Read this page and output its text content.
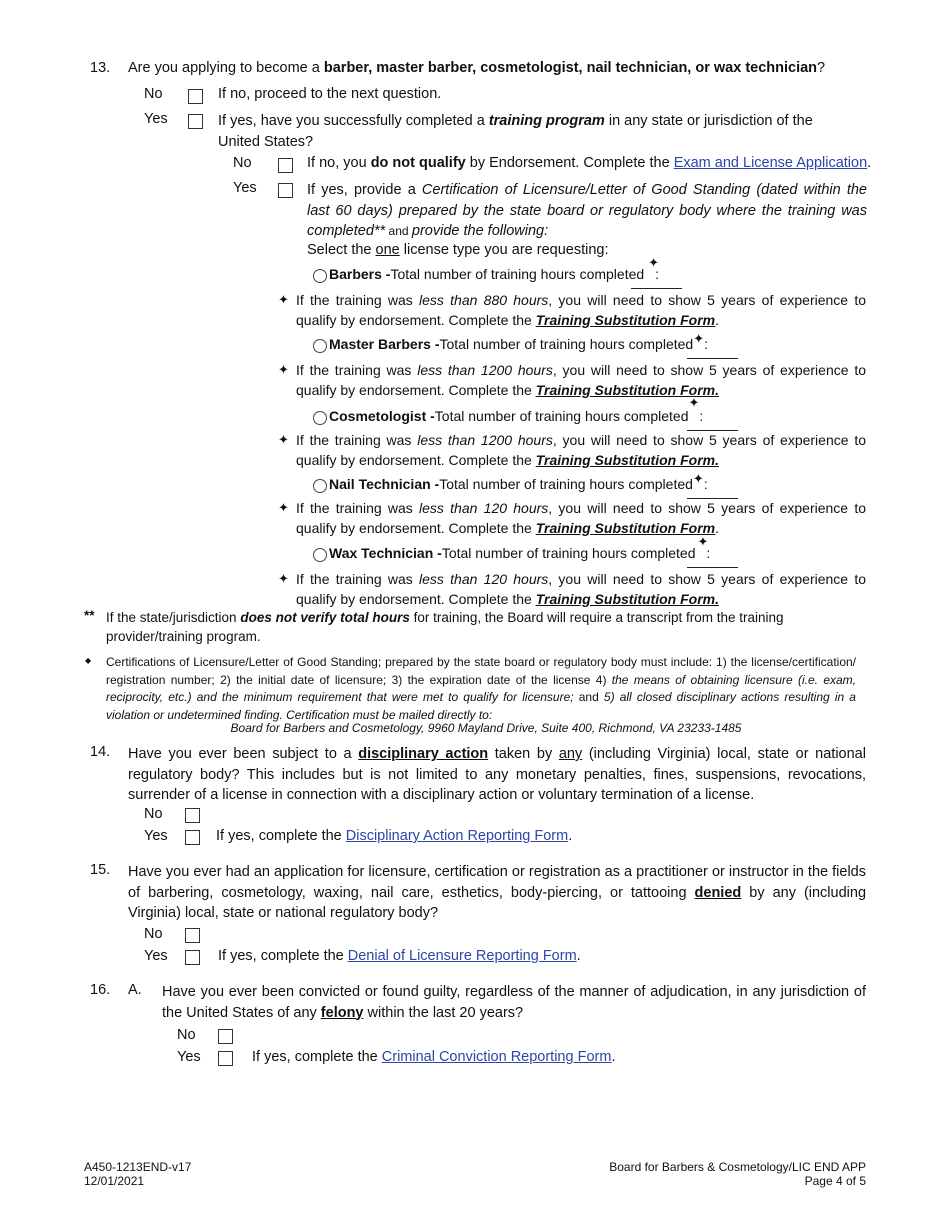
13. Are you applying to become a barber, master barber, cosmetologist, nail technician, or wax technician?
No	If no, proceed to the next question.
Yes	If yes, have you successfully completed a training program in any state or jurisdiction of the United States?
No	If no, you do not qualify by Endorsement. Complete the Exam and License Application.
Yes	If yes, provide a Certification of Licensure/Letter of Good Standing (dated within the last 60 days) prepared by the state board or regulatory body where the training was completed** and provide the following:
Select the one license type you are requesting:
Barbers -Total number of training hours completed✦:
✦ If the training was less than 880 hours, you will need to show 5 years of experience to qualify by endorsement. Complete the Training Substitution Form.
Master Barbers -Total number of training hours completed✦:
✦ If the training was less than 1200 hours, you will need to show 5 years of experience to qualify by endorsement. Complete the Training Substitution Form.
Cosmetologist -Total number of training hours completed✦:
✦ If the training was less than 1200 hours, you will need to show 5 years of experience to qualify by endorsement. Complete the Training Substitution Form.
Nail Technician -Total number of training hours completed✦:
✦ If the training was less than 120 hours, you will need to show 5 years of experience to qualify by endorsement. Complete the Training Substitution Form.
Wax Technician -Total number of training hours completed✦:
✦ If the training was less than 120 hours, you will need to show 5 years of experience to qualify by endorsement. Complete the Training Substitution Form.
** If the state/jurisdiction does not verify total hours for training, the Board will require a transcript from the training provider/training program.
◆ Certifications of Licensure/Letter of Good Standing; prepared by the state board or regulatory body must include: 1) the license/certification/ registration number; 2) the initial date of licensure; 3) the expiration date of the license 4) the means of obtaining licensure (i.e. exam, reciprocity, etc.) and the minimum requirement that were met to qualify for licensure; and 5) all closed disciplinary actions resulting in a violation or undetermined finding. Certification must be mailed directly to:
Board for Barbers and Cosmetology, 9960 Mayland Drive, Suite 400, Richmond, VA 23233-1485
14. Have you ever been subject to a disciplinary action taken by any (including Virginia) local, state or national regulatory body? This includes but is not limited to any monetary penalties, fines, suspensions, revocations, surrender of a license in connection with a disciplinary action or voluntary termination of a license.
No
Yes	If yes, complete the Disciplinary Action Reporting Form.
15. Have you ever had an application for licensure, certification or registration as a practitioner or instructor in the fields of barbering, cosmetology, waxing, nail care, esthetics, body-piercing, or tattooing denied by any (including Virginia) local, state or national regulatory body?
No
Yes	If yes, complete the Denial of Licensure Reporting Form.
16. A. Have you ever been convicted or found guilty, regardless of the manner of adjudication, in any jurisdiction of the United States of any felony within the last 20 years?
No
Yes	If yes, complete the Criminal Conviction Reporting Form.
A450-1213END-v17
12/01/2021
Board for Barbers & Cosmetology/LIC END APP
Page 4 of 5
